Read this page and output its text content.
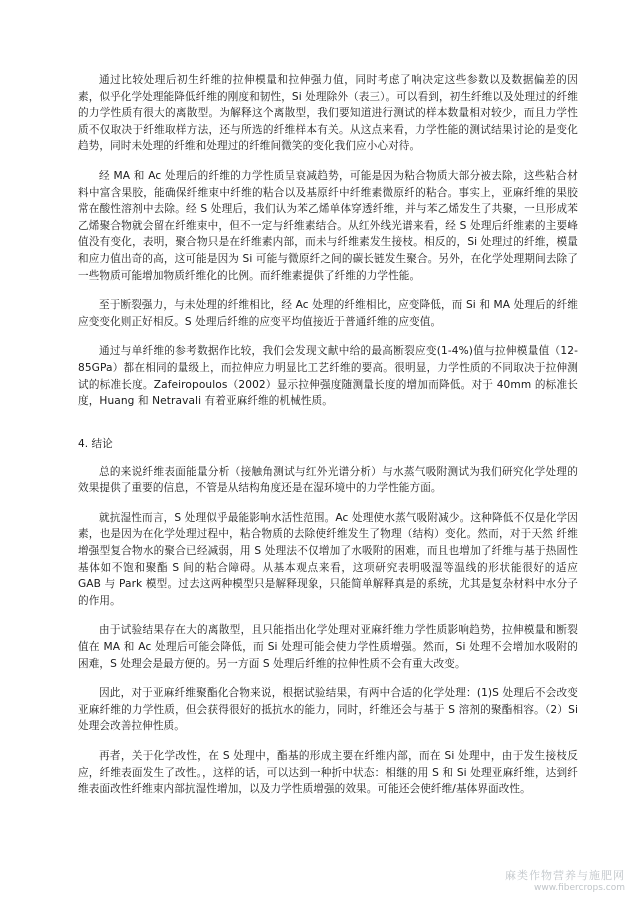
通过比较处理后初生纤维的拉伸模量和拉伸强力值，同时考虑了响决定这些参数以及数据偏差的因素，似乎化学处理能降低纤维的刚度和韧性，Si 处理除外（表三）。可以看到，初生纤维以及处理过的纤维的力学性质有很大的离散型。为解释这个离散型，我们要知道进行测试的样本数量相对较少，而且力学性质不仅取决于纤维取样方法，还与所选的纤维样本有关。从这点来看，力学性能的测试结果讨论的是变化趋势，同时未处理的纤维和处理过的纤维间微笑的变化我们应小心对待。

经 MA 和 Ac 处理后的纤维的力学性质呈衰减趋势，可能是因为粘合物质大部分被去除，这些粘合材料中富含果胶，能确保纤维束中纤维的粘合以及基原纤中纤维素微原纤的粘合。事实上，亚麻纤维的果胶常在酸性溶剂中去除。经 S 处理后，我们认为苯乙烯单体穿透纤维，并与苯乙烯发生了共聚，一旦形成苯乙烯聚合物就会留在纤维束中，但不一定与纤维素结合。从红外线光谱来看，经 S 处理后纤维素的主要峰值没有变化，表明，聚合物只是在纤维素内部，而未与纤维素发生接枝。相反的，Si 处理过的纤维，模量和应力值出奇的高，这可能是因为 Si 可能与微原纤之间的碳长链发生聚合。另外，在化学处理期间去除了一些物质可能增加物质纤维化的比例。而纤维素提供了纤维的力学性能。

至于断裂强力，与未处理的纤维相比，经 Ac 处理的纤维相比，应变降低，而 Si 和 MA 处理后的纤维应变变化则正好相反。S 处理后纤维的应变平均值接近于普通纤维的应变值。

通过与单纤维的参考数据作比较，我们会发现文献中给的最高断裂应变(1-4%)值与拉伸模量值（12-85GPa）都在相同的量级上，而拉伸应力明显比工艺纤维的要高。很明显，力学性质的不同取决于拉伸测试的标准长度。Zafeiropoulos（2002）显示拉伸强度随测量长度的增加而降低。对于 40mm 的标准长度，Huang 和 Netravali 有着亚麻纤维的机械性质。

4. 结论

总的来说纤维表面能量分析（接触角测试与红外光谱分析）与水蒸气吸附测试为我们研究化学处理的效果提供了重要的信息，不管是从结构角度还是在湿环境中的力学性能方面。

就抗湿性而言，S 处理似乎最能影响水活性范围。Ac 处理使水蒸气吸附减少。这种降低不仅是化学因素，也是因为在化学处理过程中，粘合物质的去除使纤维发生了物理（结构）变化。然而，对于天然 纤维增强型复合物水的聚合已经减弱，用 S 处理法不仅增加了水吸附的困难，而且也增加了纤维与基于热固性基体如不饱和聚酯 S 间的粘合障碍。从基本观点来看，这项研究表明吸湿等温线的形状能很好的适应 GAB 与 Park 模型。过去这两种模型只是解释现象，只能简单解释真是的系统，尤其是复杂材料中水分子的作用。

由于试验结果存在大的离散型，且只能指出化学处理对亚麻纤维力学性质影响趋势，拉伸模量和断裂值在 MA 和 Ac 处理后可能会降低，而 Si 处理可能会使力学性质增强。然而，Si 处理不会增加水吸附的困难，S 处理会是最方便的。另一方面 S 处理后纤维的拉伸性质不会有重大改变。

因此，对于亚麻纤维聚酯化合物来说，根据试验结果，有两中合适的化学处理：(1)S 处理后不会改变亚麻纤维的力学性质，但会获得很好的抵抗水的能力，同时，纤维还会与基于 S 溶剂的聚酯相容。（2）Si 处理会改善拉伸性质。

再者，关于化学改性，在 S 处理中，酯基的形成主要在纤维内部，而在 Si 处理中，由于发生接枝反应，纤维表面发生了改性。，这样的话，可以达到一种折中状态：相继的用 S 和 Si 处理亚麻纤维，达到纤维表面改性纤维束内部抗湿性增加，以及力学性质增强的效果。可能还会使纤维/基体界面改性。

麻类作物营养与施肥网
www.fibercrops.com
